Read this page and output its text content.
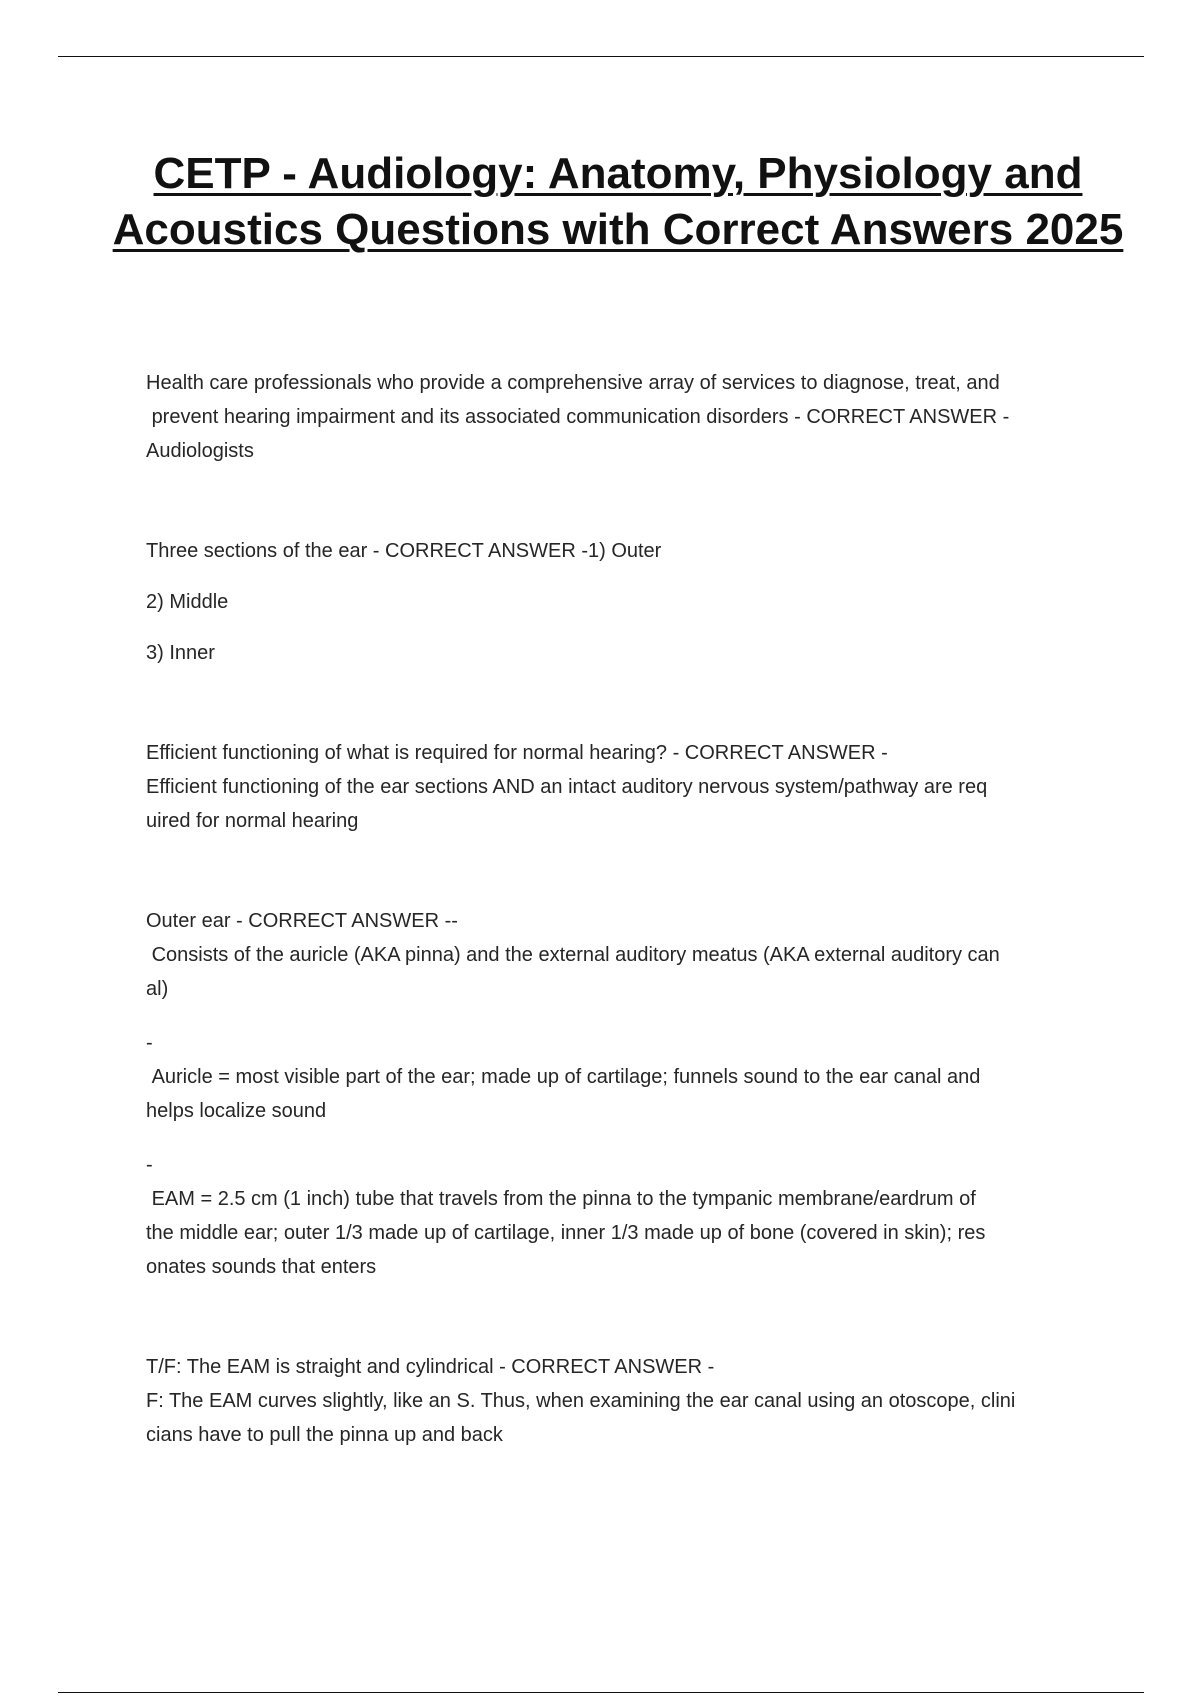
CETP - Audiology: Anatomy, Physiology and Acoustics Questions with Correct Answers 2025

Health care professionals who provide a comprehensive array of services to diagnose, treat, and

prevent hearing impairment and its associated communication disorders - CORRECT ANSWER -

Audiologists

Three sections of the ear - CORRECT ANSWER -1) Outer

2) Middle

3) Inner

Efficient functioning of what is required for normal hearing? - CORRECT ANSWER -

Efficient functioning of the ear sections AND an intact auditory nervous system/pathway are req

uired for normal hearing

Outer ear - CORRECT ANSWER --

Consists of the auricle (AKA pinna) and the external auditory meatus (AKA external auditory can

al)

-

Auricle = most visible part of the ear; made up of cartilage; funnels sound to the ear canal and

helps localize sound

-

EAM = 2.5 cm (1 inch) tube that travels from the pinna to the tympanic membrane/eardrum of

the middle ear; outer 1/3 made up of cartilage, inner 1/3 made up of bone (covered in skin); res

onates sounds that enters

T/F: The EAM is straight and cylindrical - CORRECT ANSWER -

F: The EAM curves slightly, like an S. Thus, when examining the ear canal using an otoscope, clini

cians have to pull the pinna up and back
